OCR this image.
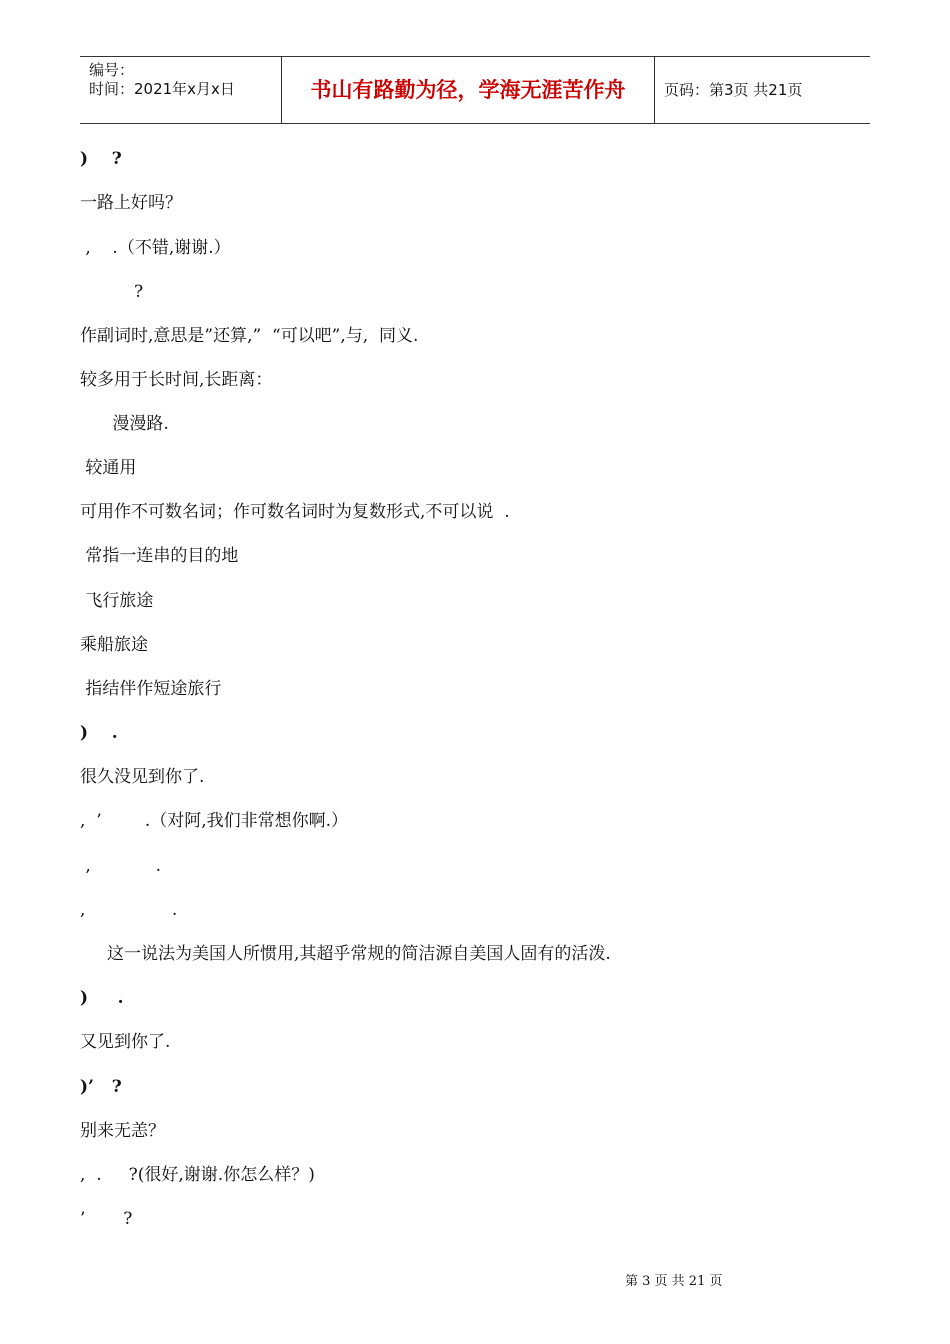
编号：
时间：2021年x月x日	书山有路勤为径，学海无涯苦作舟	页码：第3页 共21页
)    ?
一路上好吗？
,    .（不错,谢谢.）
?
作副词时,意思是”还算,”  “可以吧”,与,  同义.
较多用于长时间,长距离：
漫漫路.
较通用
可用作不可数名词；作可数名词时为复数形式,不可以说  .
常指一连串的目的地
飞行旅途
乘船旅途
指结伴作短途旅行
)    .
很久没见到你了.
,  ’        .（对阿,我们非常想你啊.）
,            .
,                .
这一说法为美国人所惯用,其超乎常规的简洁源自美国人固有的活泼.
)     .
又见到你了.
)’   ?
别来无恙？
,  .     ?(很好,谢谢.你怎么样？)
’       ?
第 3 页 共 21 页
